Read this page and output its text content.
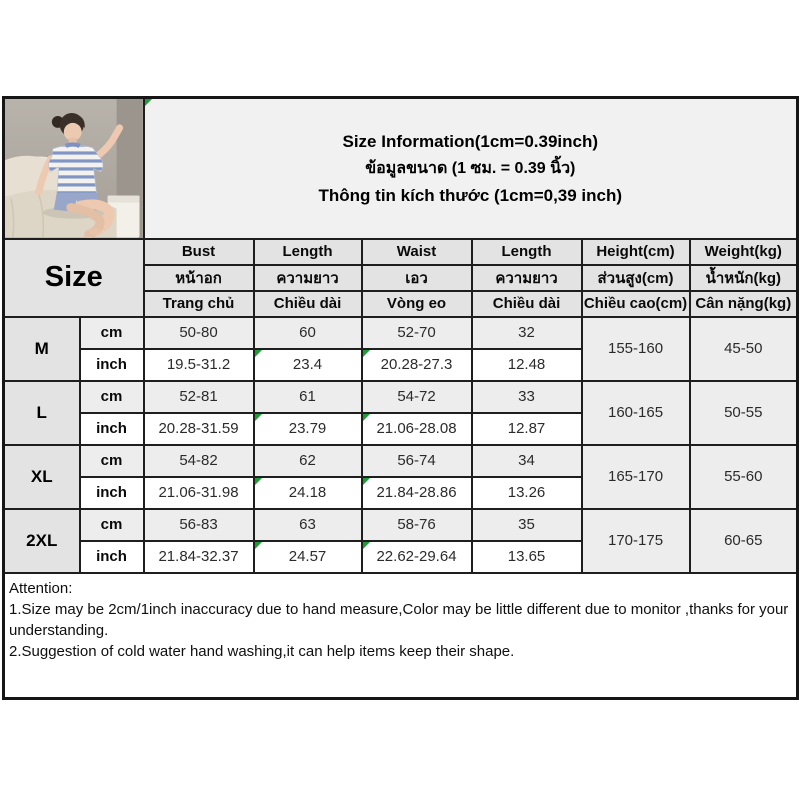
Size Information(1cm=0.39inch)
ข้อมูลขนาด (1 ซม. = 0.39 นิ้ว)
Thông tin kích thước (1cm=0,39 inch)					

Size		Bust	Length	Waist	Length	Height(cm)	Weight(kg)
		หน้าอก	ความยาว	เอว	ความยาว	ส่วนสูง(cm)	น้ำหนัก(kg)
		Trang chủ	Chiều dài	Vòng eo	Chiều dài	Chiều cao(cm)	Cân nặng(kg)
M	cm	50-80	60	52-70	32	155-160	45-50
	inch	19.5-31.2	23.4	20.28-27.3	12.48		
L	cm	52-81	61	54-72	33	160-165	50-55
	inch	20.28-31.59	23.79	21.06-28.08	12.87		
XL	cm	54-82	62	56-74	34	165-170	55-60
	inch	21.06-31.98	24.18	21.84-28.86	13.26		
2XL	cm	56-83	63	58-76	35	170-175	60-65
	inch	21.84-32.37	24.57	22.62-29.64	13.65		

Attention:
1.Size may be 2cm/1inch inaccuracy due to hand measure,Color may be little different due to monitor ,thanks for your understanding.
2.Suggestion of cold water hand washing,it can help items keep their shape.							
